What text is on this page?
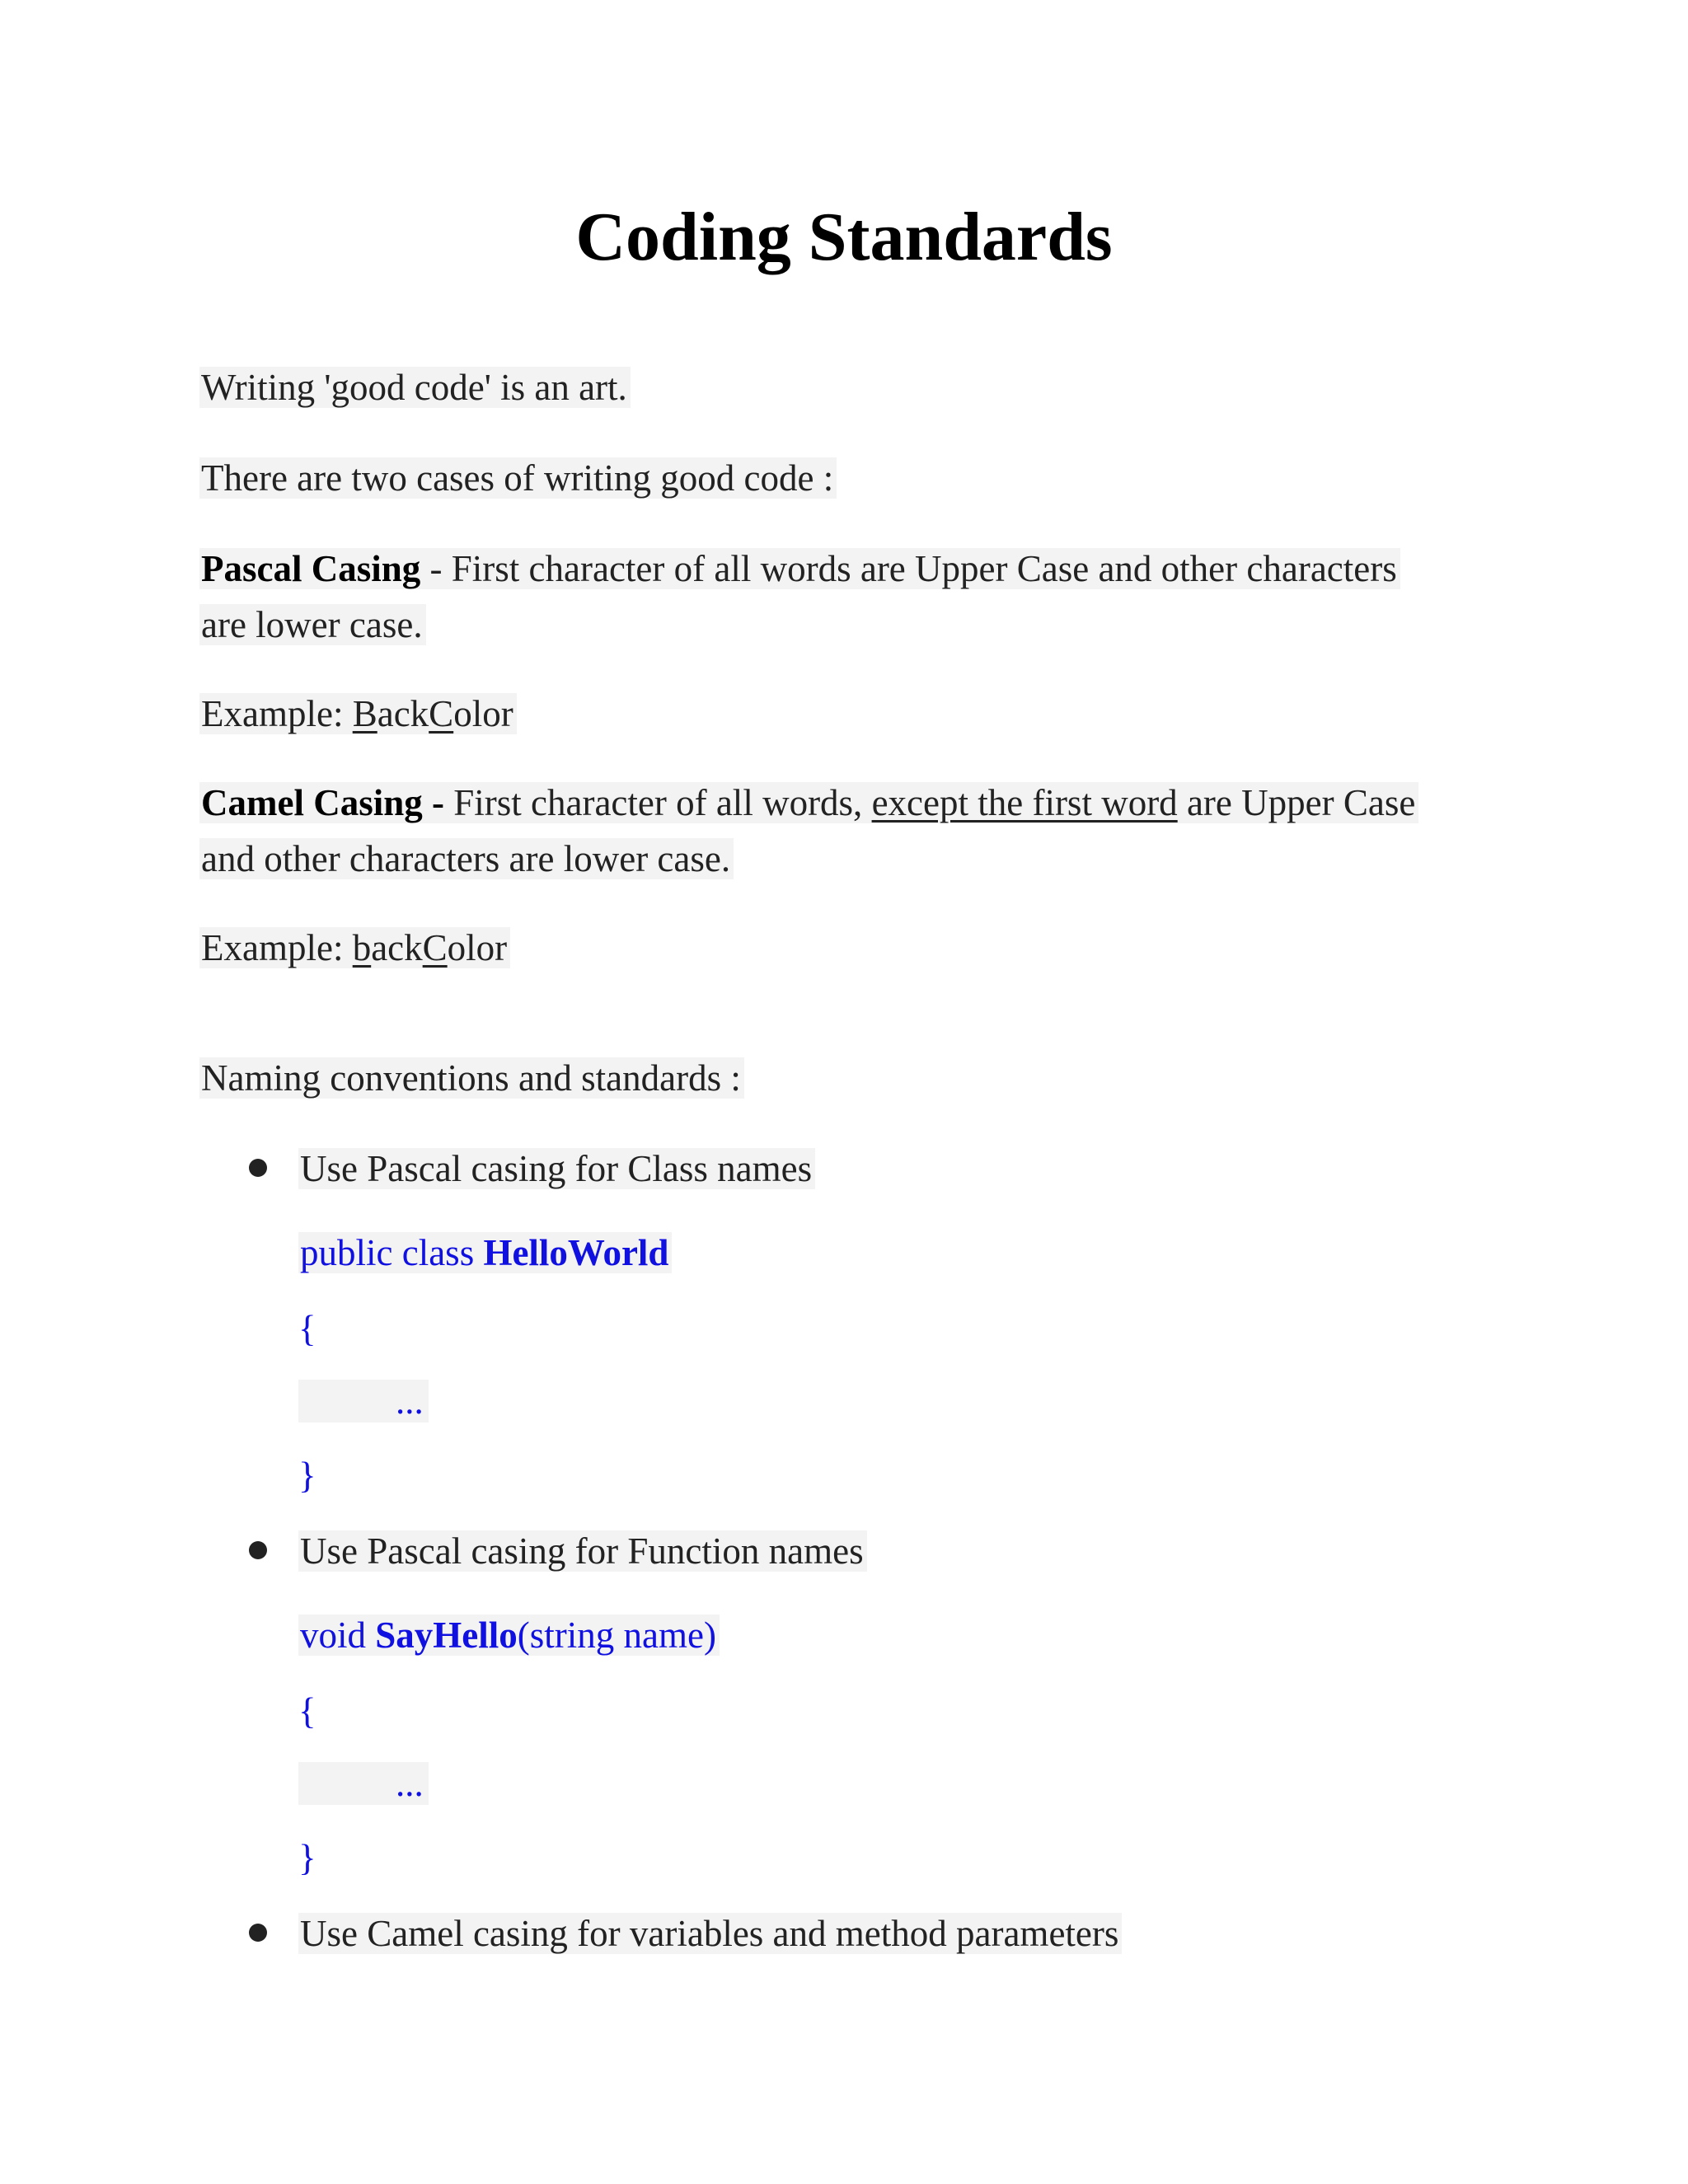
Coding Standards
Writing 'good code' is an art.
There are two cases of writing good code :
Pascal Casing - First character of all words are Upper Case and other characters
are lower case.
Example: BackColor
Camel Casing - First character of all words, except the first word are Upper Case
and other characters are lower case.
Example: backColor
Naming conventions and standards :
Use Pascal casing for Class names
public class HelloWorld
{
...
}
Use Pascal casing for Function names
void SayHello(string name)
{
...
}
Use Camel casing for variables and method parameters
